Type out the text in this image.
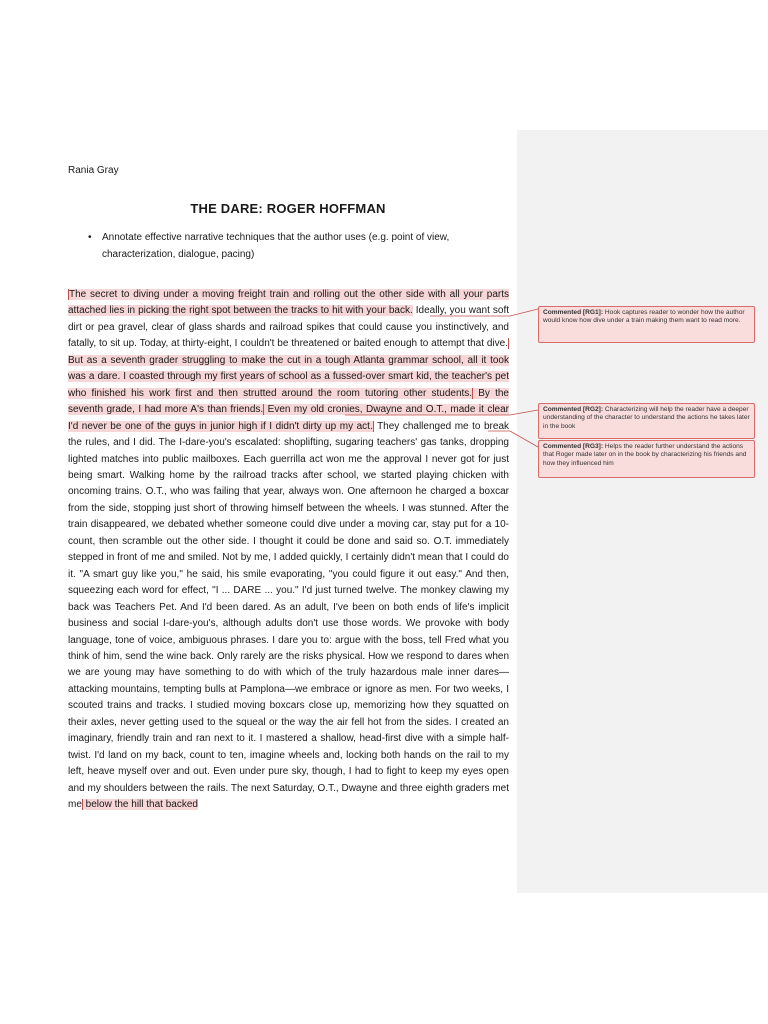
Rania Gray
THE DARE: ROGER HOFFMAN
•	Annotate effective narrative techniques that the author uses (e.g. point of view,
characterization, dialogue, pacing)
The secret to diving under a moving freight train and rolling out the other side with all your parts attached lies in picking the right spot between the tracks to hit with your back. Ideally, you want soft dirt or pea gravel, clear of glass shards and railroad spikes that could cause you instinctively, and fatally, to sit up. Today, at thirty-eight, I couldn't be threatened or baited enough to attempt that dive. But as a seventh grader struggling to make the cut in a tough Atlanta grammar school, all it took was a dare. I coasted through my first years of school as a fussed-over smart kid, the teacher's pet who finished his work first and then strutted around the room tutoring other students. By the seventh grade, I had more A's than friends. Even my old cronies, Dwayne and O.T., made it clear I'd never be one of the guys in junior high if I didn't dirty up my act. They challenged me to break the rules, and I did. The I-dare-you's escalated: shoplifting, sugaring teachers' gas tanks, dropping lighted matches into public mailboxes. Each guerrilla act won me the approval I never got for just being smart. Walking home by the railroad tracks after school, we started playing chicken with oncoming trains. O.T., who was failing that year, always won. One afternoon he charged a boxcar from the side, stopping just short of throwing himself between the wheels. I was stunned. After the train disappeared, we debated whether someone could dive under a moving car, stay put for a 10-count, then scramble out the other side. I thought it could be done and said so. O.T. immediately stepped in front of me and smiled. Not by me, I added quickly, I certainly didn't mean that I could do it. "A smart guy like you," he said, his smile evaporating, "you could figure it out easy." And then, squeezing each word for effect, "I ... DARE ... you." I'd just turned twelve. The monkey clawing my back was Teachers Pet. And I'd been dared. As an adult, I've been on both ends of life's implicit business and social I-dare-you's, although adults don't use those words. We provoke with body language, tone of voice, ambiguous phrases. I dare you to: argue with the boss, tell Fred what you think of him, send the wine back. Only rarely are the risks physical. How we respond to dares when we are young may have something to do with which of the truly hazardous male inner dares—attacking mountains, tempting bulls at Pamplona—we embrace or ignore as men. For two weeks, I scouted trains and tracks. I studied moving boxcars close up, memorizing how they squatted on their axles, never getting used to the squeal or the way the air fell hot from the sides. I created an imaginary, friendly train and ran next to it. I mastered a shallow, head-first dive with a simple half-twist. I'd land on my back, count to ten, imagine wheels and, locking both hands on the rail to my left, heave myself over and out. Even under pure sky, though, I had to fight to keep my eyes open and my shoulders between the rails. The next Saturday, O.T., Dwayne and three eighth graders met me below the hill that backed
Commented [RG1]: Hook captures reader to wonder how the author would know how dive under a train making them want to read more.
Commented [RG2]: Characterizing will help the reader have a deeper understanding of the character to understand the actions he takes later in the book
Commented [RG3]: Helps the reader further understand the actions that Roger made later on in the book by characterizing his friends and how they influenced him
